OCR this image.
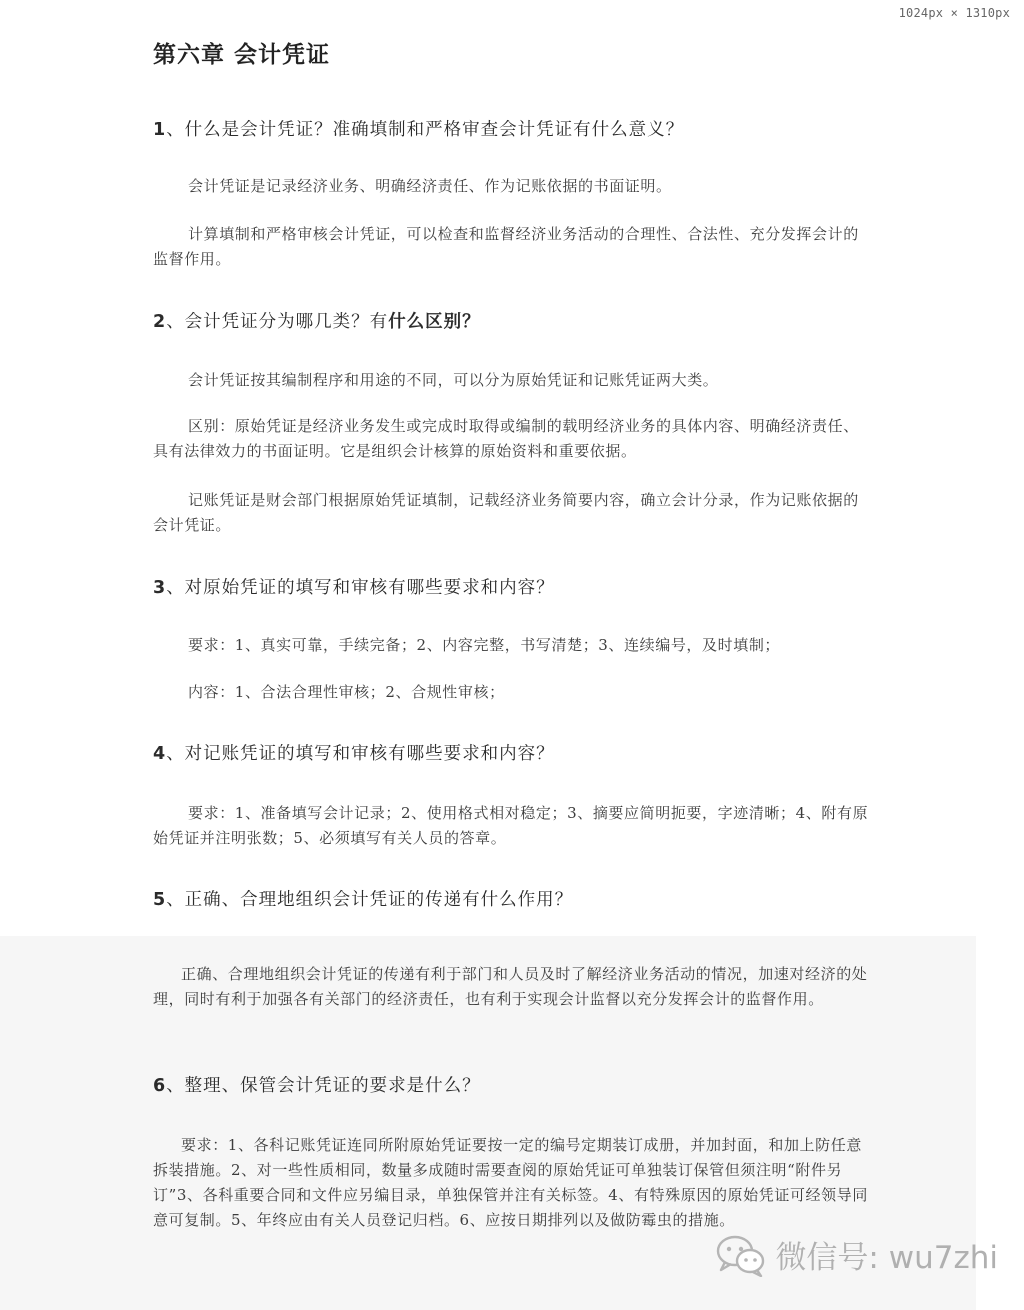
1024px × 1310px
第六章 会计凭证
1、什么是会计凭证？准确填制和严格审查会计凭证有什么意义？

会计凭证是记录经济业务、明确经济责任、作为记账依据的书面证明。

计算填制和严格审核会计凭证，可以检查和监督经济业务活动的合理性、合法性、充分发挥会计的监督作用。

2、会计凭证分为哪几类？有什么区别？

会计凭证按其编制程序和用途的不同，可以分为原始凭证和记账凭证两大类。

区别：原始凭证是经济业务发生或完成时取得或编制的载明经济业务的具体内容、明确经济责任、具有法律效力的书面证明。它是组织会计核算的原始资料和重要依据。

记账凭证是财会部门根据原始凭证填制，记载经济业务简要内容，确立会计分录，作为记账依据的会计凭证。

3、对原始凭证的填写和审核有哪些要求和内容？

要求：1、真实可靠，手续完备；2、内容完整，书写清楚；3、连续编号，及时填制；

内容：1、合法合理性审核；2、合规性审核；

4、对记账凭证的填写和审核有哪些要求和内容？

要求：1、准备填写会计记录；2、使用格式相对稳定；3、摘要应简明扼要，字迹清晰；4、附有原始凭证并注明张数；5、必须填写有关人员的答章。

5、正确、合理地组织会计凭证的传递有什么作用？

正确、合理地组织会计凭证的传递有利于部门和人员及时了解经济业务活动的情况，加速对经济的处理，同时有利于加强各有关部门的经济责任，也有利于实现会计监督以充分发挥会计的监督作用。

6、整理、保管会计凭证的要求是什么？

要求：1、各科记账凭证连同所附原始凭证要按一定的编号定期装订成册，并加封面，和加上防任意拆装措施。2、对一些性质相同，数量多成随时需要查阅的原始凭证可单独装订保管但须注明“附件另订”3、各科重要合同和文件应另编目录，单独保管并注有关标签。4、有特殊原因的原始凭证可经领导同意可复制。5、年终应由有关人员登记归档。6、应按日期排列以及做防霉虫的措施。

微信号: wu7zhi
